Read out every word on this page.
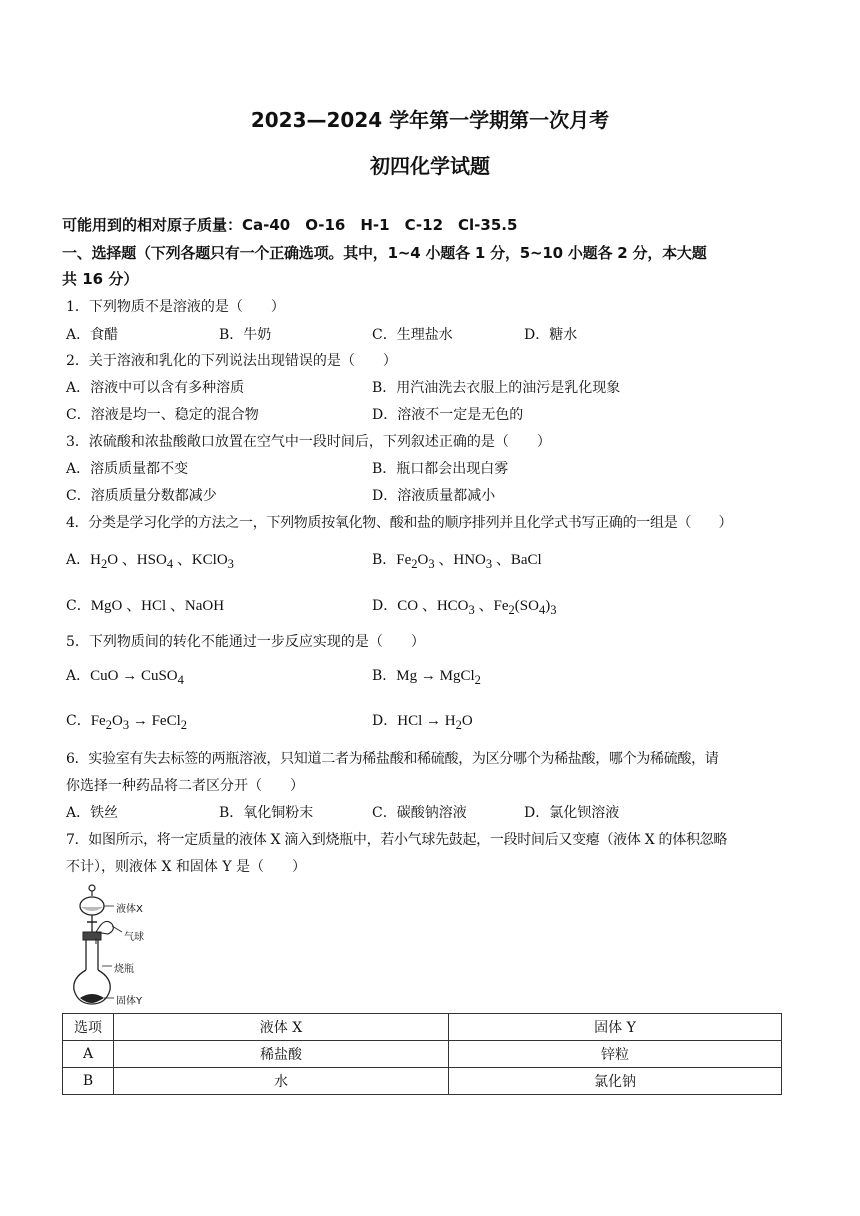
2023—2024 学年第一学期第一次月考
初四化学试题
可能用到的相对原子质量：Ca-40　O-16　H-1　C-12　Cl-35.5
一、选择题（下列各题只有一个正确选项。其中，1~4 小题各 1 分，5~10 小题各 2 分，本大题
共 16 分）
1．下列物质不是溶液的是（　　）
A．食醋	B．牛奶	C．生理盐水	D．糖水
2．关于溶液和乳化的下列说法出现错误的是（　　）
A．溶液中可以含有多种溶质	B．用汽油洗去衣服上的油污是乳化现象
C．溶液是均一、稳定的混合物	D．溶液不一定是无色的
3．浓硫酸和浓盐酸敞口放置在空气中一段时间后，下列叙述正确的是（　　）
A．溶质质量都不变	B．瓶口都会出现白雾
C．溶质质量分数都减少	D．溶液质量都减小
4．分类是学习化学的方法之一，下列物质按氧化物、酸和盐的顺序排列并且化学式书写正确的一组是（　　）
A．$H_2O$ 、$HSO_4$ 、KClO$_3$	B．$Fe_2O_3$ 、$HNO_3$ 、BaCl
C．MgO 、HCl 、NaOH	D．CO 、$HCO_3$ 、$Fe_2(SO_4)_3$
5．下列物质间的转化不能通过一步反应实现的是（　　）
A．CuO → CuSO$_4$	B．Mg → MgCl$_2$
C．$Fe_2O_3$ → FeCl$_2$	D．HCl → $H_2O$
6．实验室有失去标签的两瓶溶液，只知道二者为稀盐酸和稀硫酸，为区分哪个为稀盐酸，哪个为稀硫酸，请
你选择一种药品将二者区分开（　　）
A．铁丝	B．氧化铜粉末	C．碳酸钠溶液	D．氯化钡溶液
7．如图所示，将一定质量的液体 X 滴入到烧瓶中，若小气球先鼓起，一段时间后又变瘪（液体 X 的体积忽略
不计），则液体 X 和固体 Y 是（　　）
液体X
气球
烧瓶
固体Y
选项	液体 X	固体 Y
A	稀盐酸	锌粒
B	水	氯化钠
